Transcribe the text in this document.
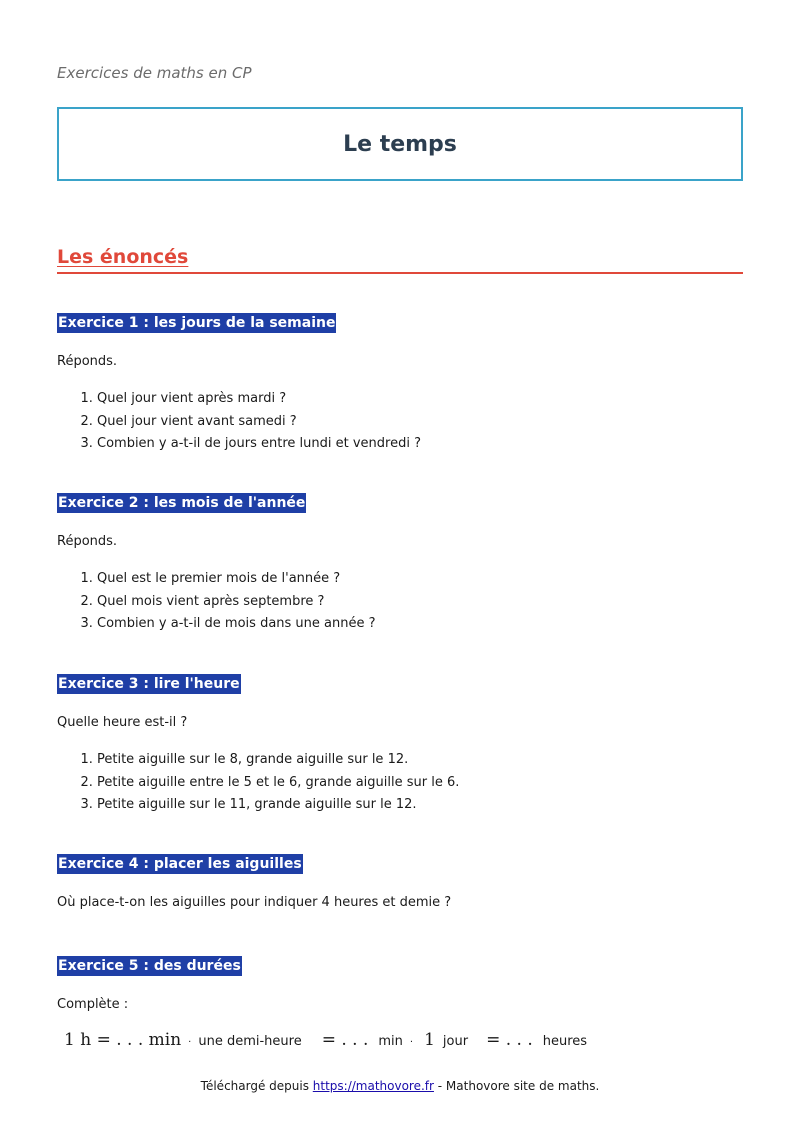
Exercices de maths en CP
Le temps
Les énoncés
Exercice 1 : les jours de la semaine
Réponds.
1. Quel jour vient après mardi ?
2. Quel jour vient avant samedi ?
3. Combien y a-t-il de jours entre lundi et vendredi ?
Exercice 2 : les mois de l'année
Réponds.
1. Quel est le premier mois de l'année ?
2. Quel mois vient après septembre ?
3. Combien y a-t-il de mois dans une année ?
Exercice 3 : lire l'heure
Quelle heure est-il ?
1. Petite aiguille sur le 8, grande aiguille sur le 12.
2. Petite aiguille entre le 5 et le 6, grande aiguille sur le 6.
3. Petite aiguille sur le 11, grande aiguille sur le 12.
Exercice 4 : placer les aiguilles
Où place-t-on les aiguilles pour indiquer 4 heures et demie ?
Exercice 5 : des durées
Complète :
1 h = . . . min · une demi-heure = . . . min · 1 jour = . . . heures
Téléchargé depuis https://mathovore.fr - Mathovore site de maths.
